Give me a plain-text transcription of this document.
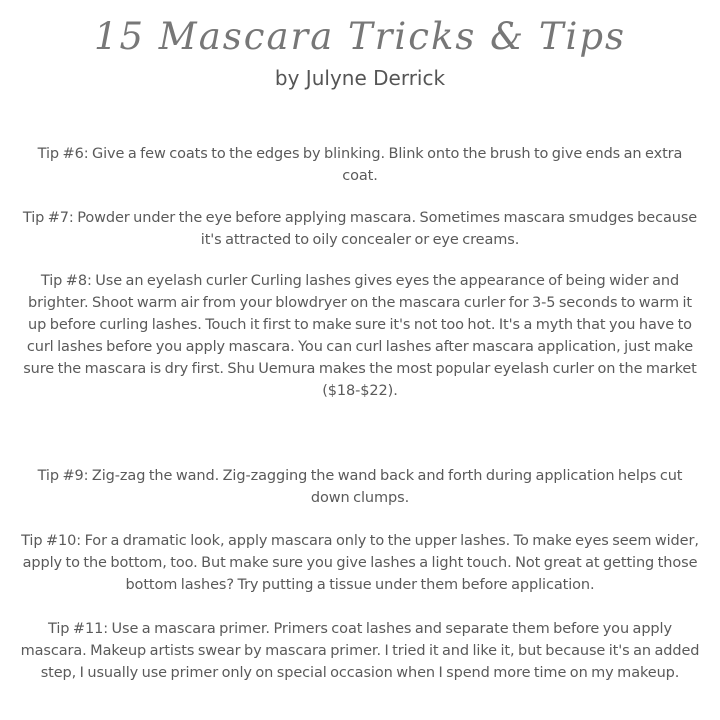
15 Mascara Tricks & Tips
by Julyne Derrick

Tip #6: Give a few coats to the edges by blinking. Blink onto the brush to give ends an extra coat.

Tip #7: Powder under the eye before applying mascara. Sometimes mascara smudges because it's attracted to oily concealer or eye creams.

Tip #8: Use an eyelash curler Curling lashes gives eyes the appearance of being wider and brighter. Shoot warm air from your blowdryer on the mascara curler for 3-5 seconds to warm it up before curling lashes. Touch it first to make sure it's not too hot. It's a myth that you have to curl lashes before you apply mascara. You can curl lashes after mascara application, just make sure the mascara is dry first. Shu Uemura makes the most popular eyelash curler on the market ($18-$22).

Tip #9: Zig-zag the wand. Zig-zagging the wand back and forth during application helps cut down clumps.

Tip #10: For a dramatic look, apply mascara only to the upper lashes. To make eyes seem wider, apply to the bottom, too. But make sure you give lashes a light touch. Not great at getting those bottom lashes? Try putting a tissue under them before application.

Tip #11: Use a mascara primer. Primers coat lashes and separate them before you apply mascara. Makeup artists swear by mascara primer. I tried it and like it, but because it's an added step, I usually use primer only on special occasion when I spend more time on my makeup.
